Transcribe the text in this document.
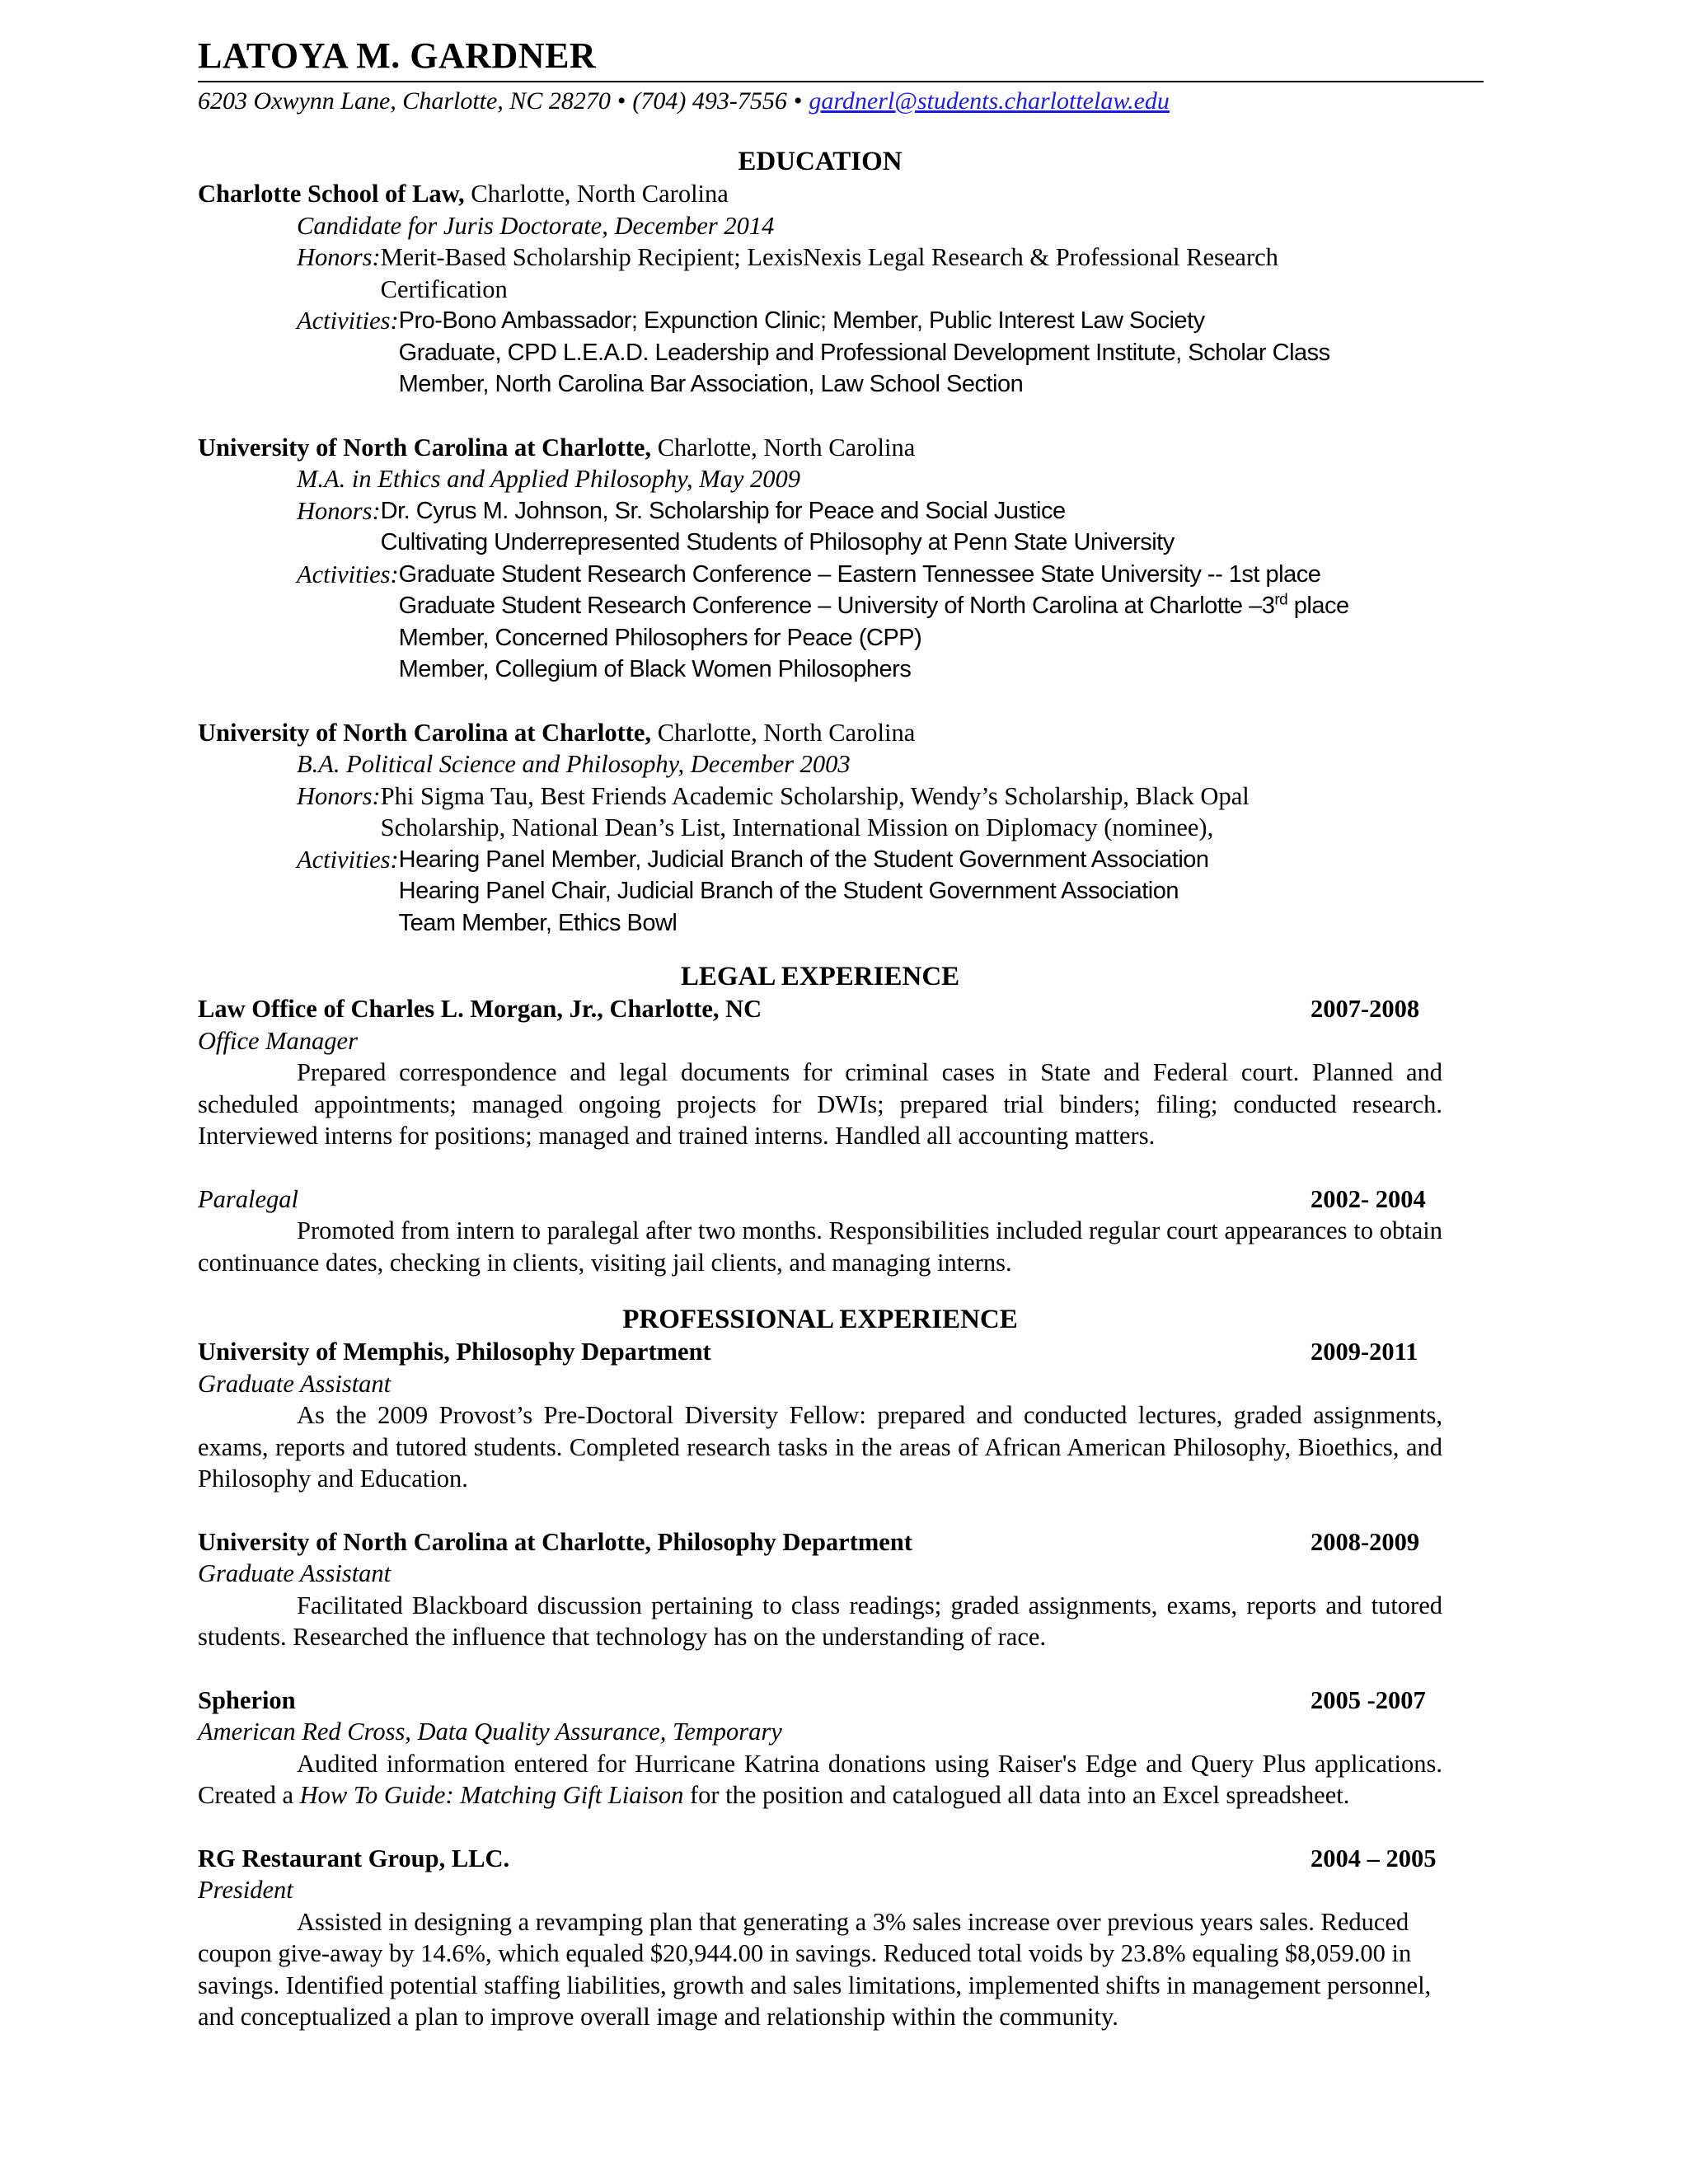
LATOYA M. GARDNER
6203 Oxwynn Lane, Charlotte, NC 28270 • (704) 493-7556 • gardnerl@students.charlottelaw.edu
EDUCATION
Charlotte School of Law, Charlotte, North Carolina
Candidate for Juris Doctorate, December 2014
Honors: Merit-Based Scholarship Recipient; LexisNexis Legal Research & Professional Research
Certification
Activities: Pro-Bono Ambassador; Expunction Clinic; Member, Public Interest Law Society
Graduate, CPD L.E.A.D. Leadership and Professional Development Institute, Scholar Class
Member, North Carolina Bar Association, Law School Section
University of North Carolina at Charlotte, Charlotte, North Carolina
M.A. in Ethics and Applied Philosophy, May 2009
Honors: Dr. Cyrus M. Johnson, Sr. Scholarship for Peace and Social Justice
Cultivating Underrepresented Students of Philosophy at Penn State University
Activities: Graduate Student Research Conference – Eastern Tennessee State University -- 1st place
Graduate Student Research Conference – University of North Carolina at Charlotte –3rd place
Member, Concerned Philosophers for Peace (CPP)
Member, Collegium of Black Women Philosophers
University of North Carolina at Charlotte, Charlotte, North Carolina
B.A. Political Science and Philosophy, December 2003
Honors: Phi Sigma Tau, Best Friends Academic Scholarship, Wendy’s Scholarship, Black Opal
Scholarship, National Dean’s List, International Mission on Diplomacy (nominee),
Activities: Hearing Panel Member, Judicial Branch of the Student Government Association
Hearing Panel Chair, Judicial Branch of the Student Government Association
Team Member, Ethics Bowl
LEGAL EXPERIENCE
Law Office of Charles L. Morgan, Jr., Charlotte, NC	2007-2008
Office Manager
Prepared correspondence and legal documents for criminal cases in State and Federal court. Planned and scheduled appointments; managed ongoing projects for DWIs; prepared trial binders; filing; conducted research. Interviewed interns for positions; managed and trained interns. Handled all accounting matters.
Paralegal	2002- 2004
Promoted from intern to paralegal after two months. Responsibilities included regular court appearances to obtain continuance dates, checking in clients, visiting jail clients, and managing interns.
PROFESSIONAL EXPERIENCE
University of Memphis, Philosophy Department	2009-2011
Graduate Assistant
As the 2009 Provost’s Pre-Doctoral Diversity Fellow: prepared and conducted lectures, graded assignments, exams, reports and tutored students. Completed research tasks in the areas of African American Philosophy, Bioethics, and Philosophy and Education.
University of North Carolina at Charlotte, Philosophy Department	2008-2009
Graduate Assistant
Facilitated Blackboard discussion pertaining to class readings; graded assignments, exams, reports and tutored students. Researched the influence that technology has on the understanding of race.
Spherion	2005 -2007
American Red Cross, Data Quality Assurance, Temporary
Audited information entered for Hurricane Katrina donations using Raiser's Edge and Query Plus applications. Created a How To Guide: Matching Gift Liaison for the position and catalogued all data into an Excel spreadsheet.
RG Restaurant Group, LLC.	2004 – 2005
President
Assisted in designing a revamping plan that generating a 3% sales increase over previous years sales. Reduced coupon give-away by 14.6%, which equaled $20,944.00 in savings. Reduced total voids by 23.8% equaling $8,059.00 in savings. Identified potential staffing liabilities, growth and sales limitations, implemented shifts in management personnel, and conceptualized a plan to improve overall image and relationship within the community.
